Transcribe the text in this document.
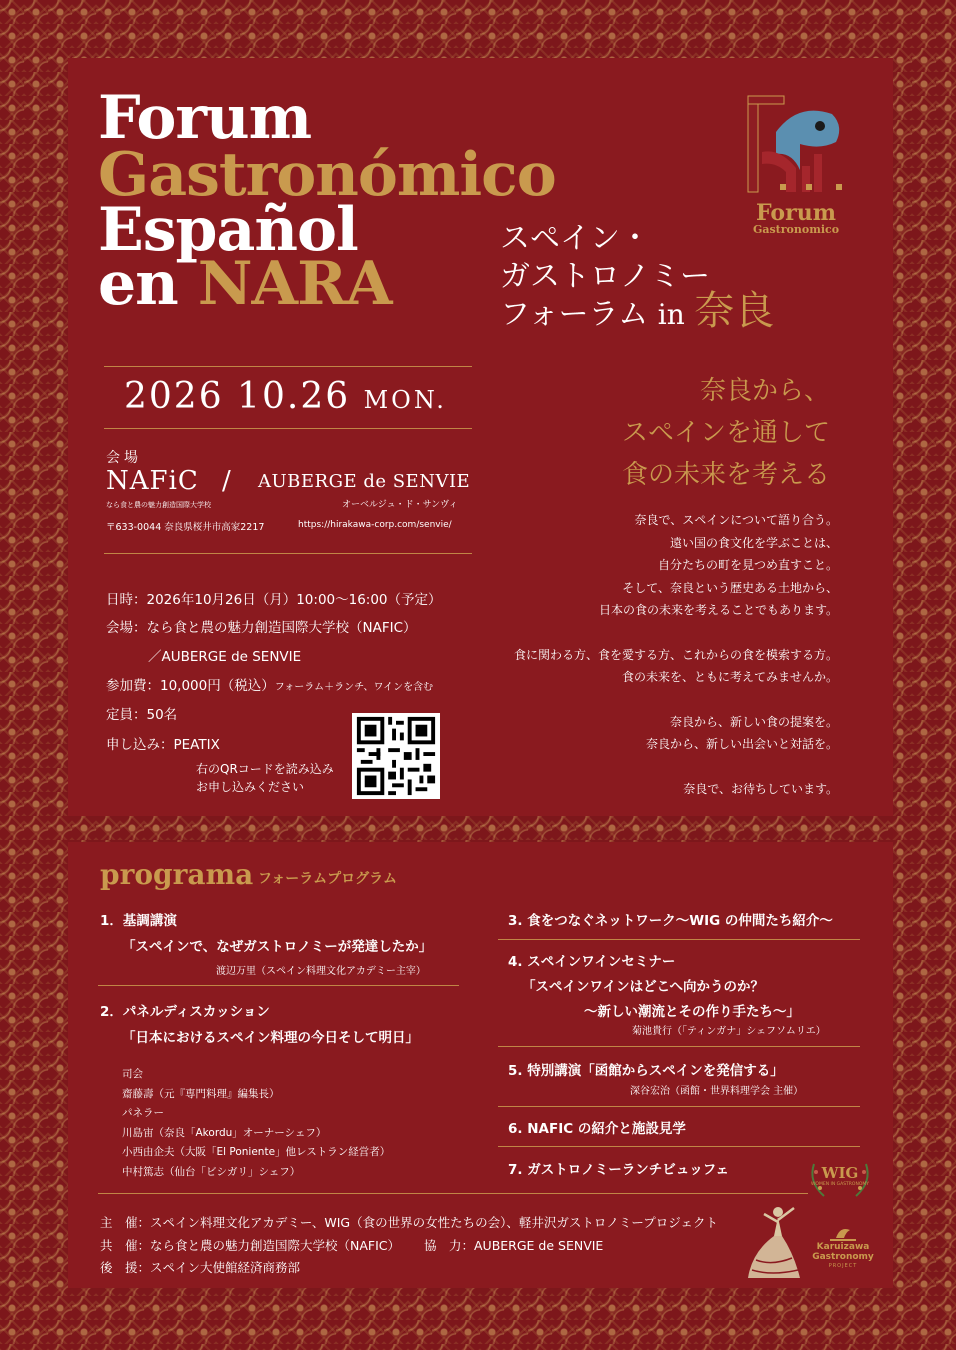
Forum
Gastronómico
Español
en NARA
Forum
Gastronomico
スペイン・
ガストロノミー
フォーラム in 奈良
2026 10.26 MON.
会場
NAFiC /
なら食と農の魅力創造国際大学校
AUBERGE de SENVIE
オーベルジュ・ド・サンヴィ
〒633-0044 奈良県桜井市高家2217	https://hirakawa-corp.com/senvie/
奈良から、
スペインを通して
食の未来を考える
奈良で、スペインについて語り合う。
遠い国の食文化を学ぶことは、
自分たちの町を見つめ直すこと。
そして、奈良という歴史ある土地から、
日本の食の未来を考えることでもあります。
食に関わる方、食を愛する方、これからの食を模索する方。
食の未来を、ともに考えてみませんか。
奈良から、新しい食の提案を。
奈良から、新しい出会いと対話を。
奈良で、お待ちしています。
日時：2026年10月26日（月）10:00〜16:00（予定）
会場：なら食と農の魅力創造国際大学校（NAFIC）
／AUBERGE de SENVIE
参加費：10,000円（税込）フォーラム＋ランチ、ワインを含む
定員：50名
申し込み：PEATIX
右のQRコードを読み込み
お申し込みください
programa フォーラムプログラム
1．基調講演
「スペインで、なぜガストロノミーが発達したか」
渡辺万里（スペイン料理文化アカデミー主宰）
2．パネルディスカッション
「日本におけるスペイン料理の今日そして明日」
司会
齋藤壽（元『専門料理』編集長）
パネラー
川島宙（奈良「Akordu」オーナーシェフ）
小西由企夫（大阪「El Poniente」他レストラン経営者）
中村篤志（仙台「ビシガリ」シェフ）
3. 食をつなぐネットワーク〜WIG の仲間たち紹介〜
4. スペインワインセミナー
「スペインワインはどこへ向かうのか？
〜新しい潮流とその作り手たち〜」
菊池貴行（「ティンガナ」シェフソムリエ）
5. 特別講演「函館からスペインを発信する」
深谷宏治（函館・世界料理学会 主催）
6. NAFIC の紹介と施設見学
7. ガストロノミーランチビュッフェ
主　催：スペイン料理文化アカデミー、WIG（食の世界の女性たちの会）、軽井沢ガストロノミープロジェクト
共　催：なら食と農の魅力創造国際大学校（NAFIC） 協　力：AUBERGE de SENVIE
後　援：スペイン大使館経済商務部
WIG
WOMEN IN GASTRONOMY
Karuizawa
Gastronomy
PROJECT
